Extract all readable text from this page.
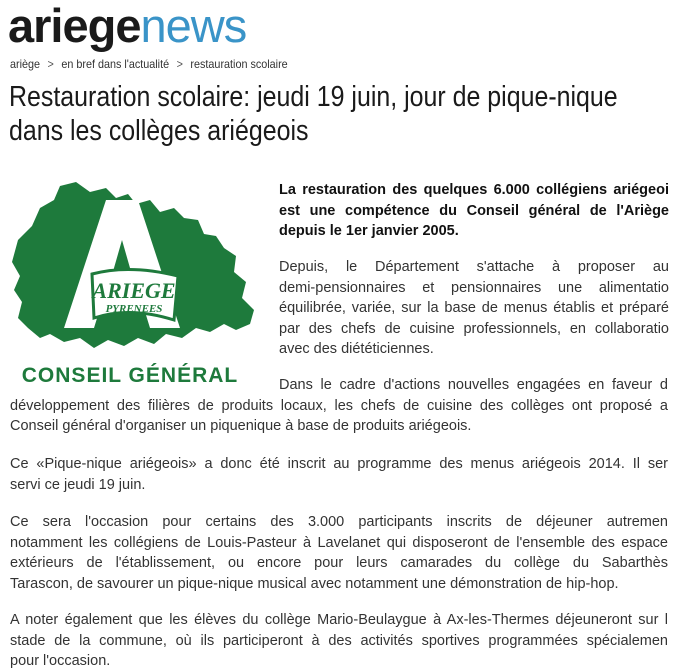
ariegenews
ariège > en bref dans l'actualité > restauration scolaire
Restauration scolaire: jeudi 19 juin, jour de pique-nique
dans les collèges ariégeois
ARIEGE
PYRENEES
CONSEIL GÉNÉRAL
La restauration des quelques 6.000 collégiens ariégeoi
est une compétence du Conseil général de l'Ariège
depuis le 1er janvier 2005.
Depuis, le Département s'attache à proposer au
demi-pensionnaires et pensionnaires une alimentatio
équilibrée, variée, sur la base de menus établis et préparé
par des chefs de cuisine professionnels, en collaboratio
avec des diététiciennes.
Dans le cadre d'actions nouvelles engagées en faveur d
développement des filières de produits locaux, les chefs de cuisine des collèges ont proposé a
Conseil général d'organiser un piquenique à base de produits ariégeois.
Ce «Pique-nique ariégeois» a donc été inscrit au programme des menus ariégeois 2014. Il ser
servi ce jeudi 19 juin.
Ce sera l'occasion pour certains des 3.000 participants inscrits de déjeuner autremen
notamment les collégiens de Louis-Pasteur à Lavelanet qui disposeront de l'ensemble des espace
extérieurs de l'établissement, ou encore pour leurs camarades du collège du Sabarthès
Tarascon, de savourer un pique-nique musical avec notamment une démonstration de hip-hop.
A noter également que les élèves du collège Mario-Beulaygue à Ax-les-Thermes déjeuneront sur l
stade de la commune, où ils participeront à des activités sportives programmées spécialemen
pour l'occasion.
